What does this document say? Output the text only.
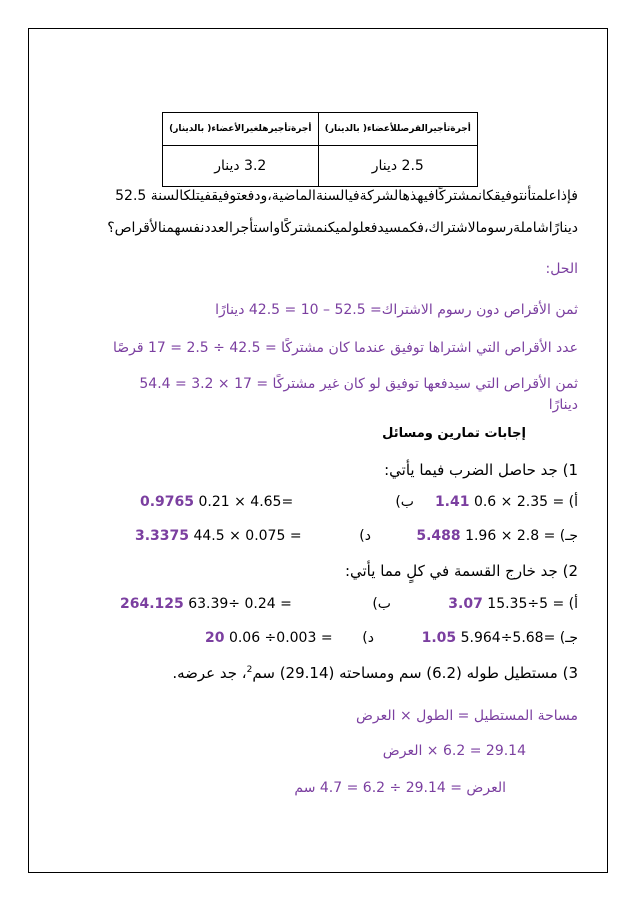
أجرةتأجيرالقرصللأعضاء( بالدينار)	أجرةتأجيرهلغيرالأعضاء( بالدينار)
2.5 دينار	3.2 دينار
فإذاعلمتأنتوفيقكانمشتركًافيهذهالشركةفيالسنةالماضية،ودفعتوفيقفيتلكالسنة 52.5
دينارًاشاملةرسومالاشتراك،فكمسيدفعلولميكنمشتركًاواستأجرالعددنفسهمنالأقراص؟
الحل:
ثمن الأقراص دون رسوم الاشتراك= 52.5 – 10 = 42.5 دينارًا
عدد الأقراص التي اشتراها توفيق عندما كان مشتركًا = 42.5 ÷ 2.5 = 17 قرصًا
ثمن الأقراص التي سيدفعها توفيق لو كان غير مشتركًا = 17 × 3.2 = 54.4
دينارًا
إجابات تمارين ومسائل
1) جد حاصل الضرب فيما يأتي:
أ) 0.6 × 2.35 = 1.41
ب)
0.9765 0.21 × 4.65=
جـ) 1.96 × 2.8 = 5.488
د)
3.3375 44.5 × 0.075 =
2) جد خارج القسمة في كلٍ مما يأتي:
أ) 15.35÷5 = 3.07
ب)
264.125 63.39÷ 0.24 =
جـ) 5.964÷5.68= 1.05
د)
20 0.06 ÷0.003 =
3) مستطيل طوله (6.2) سم ومساحته (29.14) سم$^2$، جد عرضه.
مساحة المستطيل = الطول × العرض
29.14 = 6.2 × العرض
العرض = 29.14 ÷ 6.2 = 4.7 سم
